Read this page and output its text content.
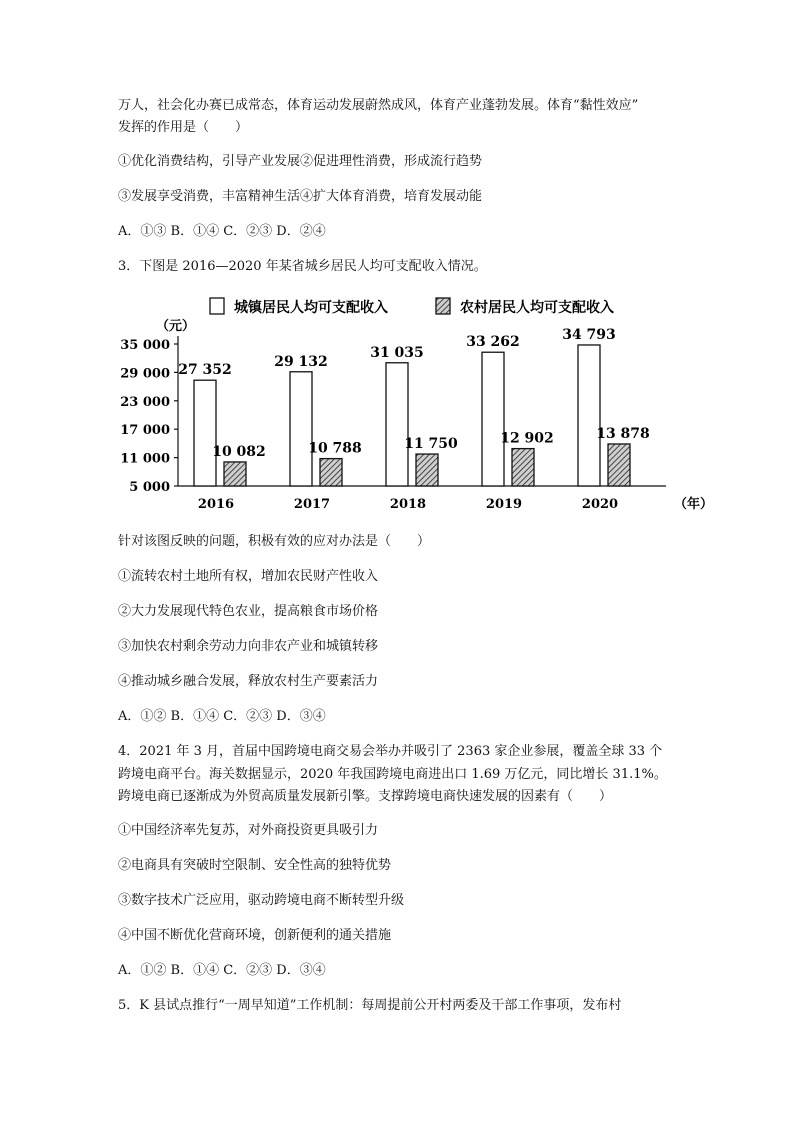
万人，社会化办赛已成常态，体育运动发展蔚然成风，体育产业蓬勃发展。体育“黏性效应”
发挥的作用是（　　）
①优化消费结构，引导产业发展②促进理性消费，形成流行趋势
③发展享受消费，丰富精神生活④扩大体育消费，培育发展动能
A．①③ B．①④ C．②③ D．②④
3．下图是 2016—2020 年某省城乡居民人均可支配收入情况。
城镇居民人均可支配收入	农村居民人均可支配收入
（元）
5 000
11 000
17 000
23 000
29 000
35 000
（年）
27 352
10 082
2016
29 132
10 788
2017
31 035
11 750
2018
33 262
12 902
2019
34 793
13 878
2020
针对该图反映的问题，积极有效的应对办法是（　　）
①流转农村土地所有权，增加农民财产性收入
②大力发展现代特色农业，提高粮食市场价格
③加快农村剩余劳动力向非农产业和城镇转移
④推动城乡融合发展，释放农村生产要素活力
A．①② B．①④ C．②③ D．③④
4．2021 年 3 月，首届中国跨境电商交易会举办并吸引了 2363 家企业参展，覆盖全球 33 个
跨境电商平台。海关数据显示，2020 年我国跨境电商进出口 1.69 万亿元，同比增长 31.1%。
跨境电商已逐渐成为外贸高质量发展新引擎。支撑跨境电商快速发展的因素有（　　）
①中国经济率先复苏，对外商投资更具吸引力
②电商具有突破时空限制、安全性高的独特优势
③数字技术广泛应用，驱动跨境电商不断转型升级
④中国不断优化营商环境，创新便利的通关措施
A．①② B．①④ C．②③ D．③④
5．K 县试点推行“一周早知道”工作机制：每周提前公开村两委及干部工作事项，发布村
